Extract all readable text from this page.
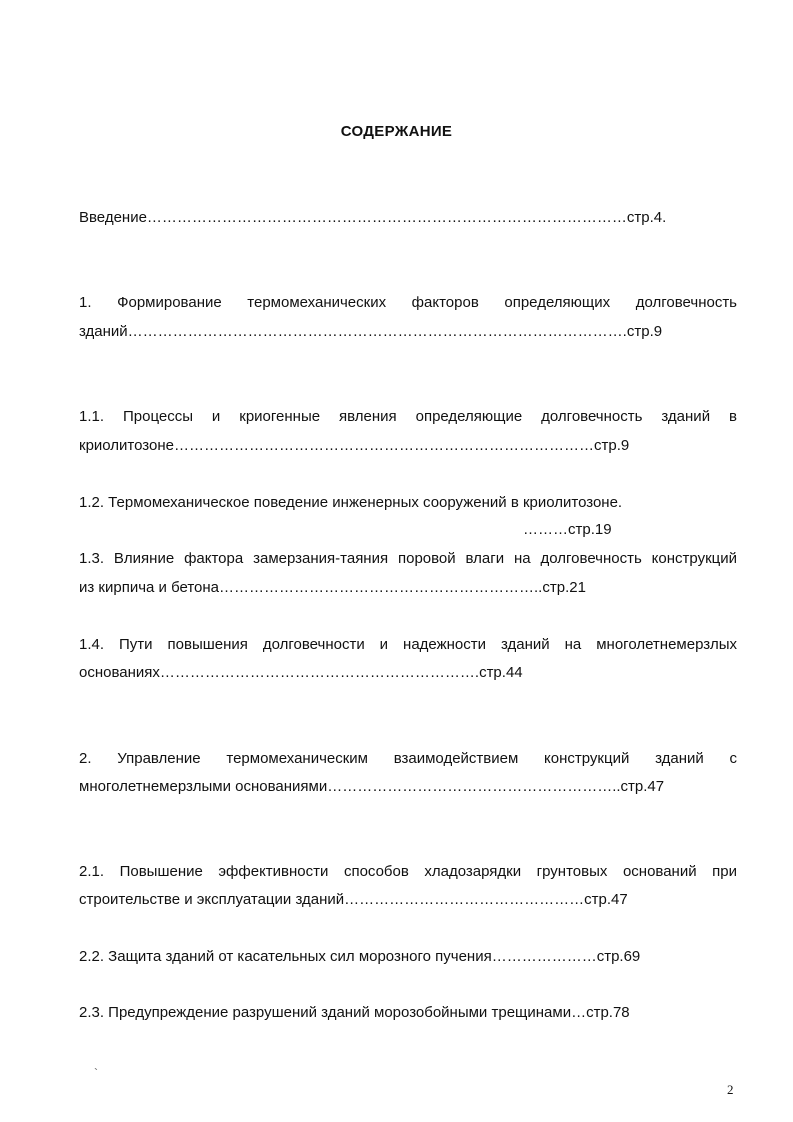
СОДЕРЖАНИЕ
Введение……………………………………………………………………………………стр.4.
1. Формирование термомеханических факторов определяющих долговечность
зданий……………………………………………………………………………………….стр.9
1.1. Процессы и криогенные явления определяющие долговечность зданий в
криолитозоне…………………………………………………………………………стр.9
1.2. Термомеханическое поведение инженерных сооружений в криолитозоне.
………стр.19
1.3. Влияние фактора замерзания-таяния поровой влаги на долговечность конструкций
из кирпича и бетона………………………………………………………..стр.21
1.4. Пути повышения долговечности и надежности зданий на многолетнемерзлых
основаниях……………………………………………………….стр.44
2. Управление термомеханическим взаимодействием конструкций зданий с
многолетнемерзлыми основаниями…………………………………………………..стр.47
2.1. Повышение эффективности способов хладозарядки грунтовых оснований при
строительстве и эксплуатации зданий…………………………………………стр.47
2.2. Защита зданий от касательных сил морозного пучения…………………стр.69
2.3. Предупреждение разрушений зданий морозобойными трещинами…стр.78
`
2
